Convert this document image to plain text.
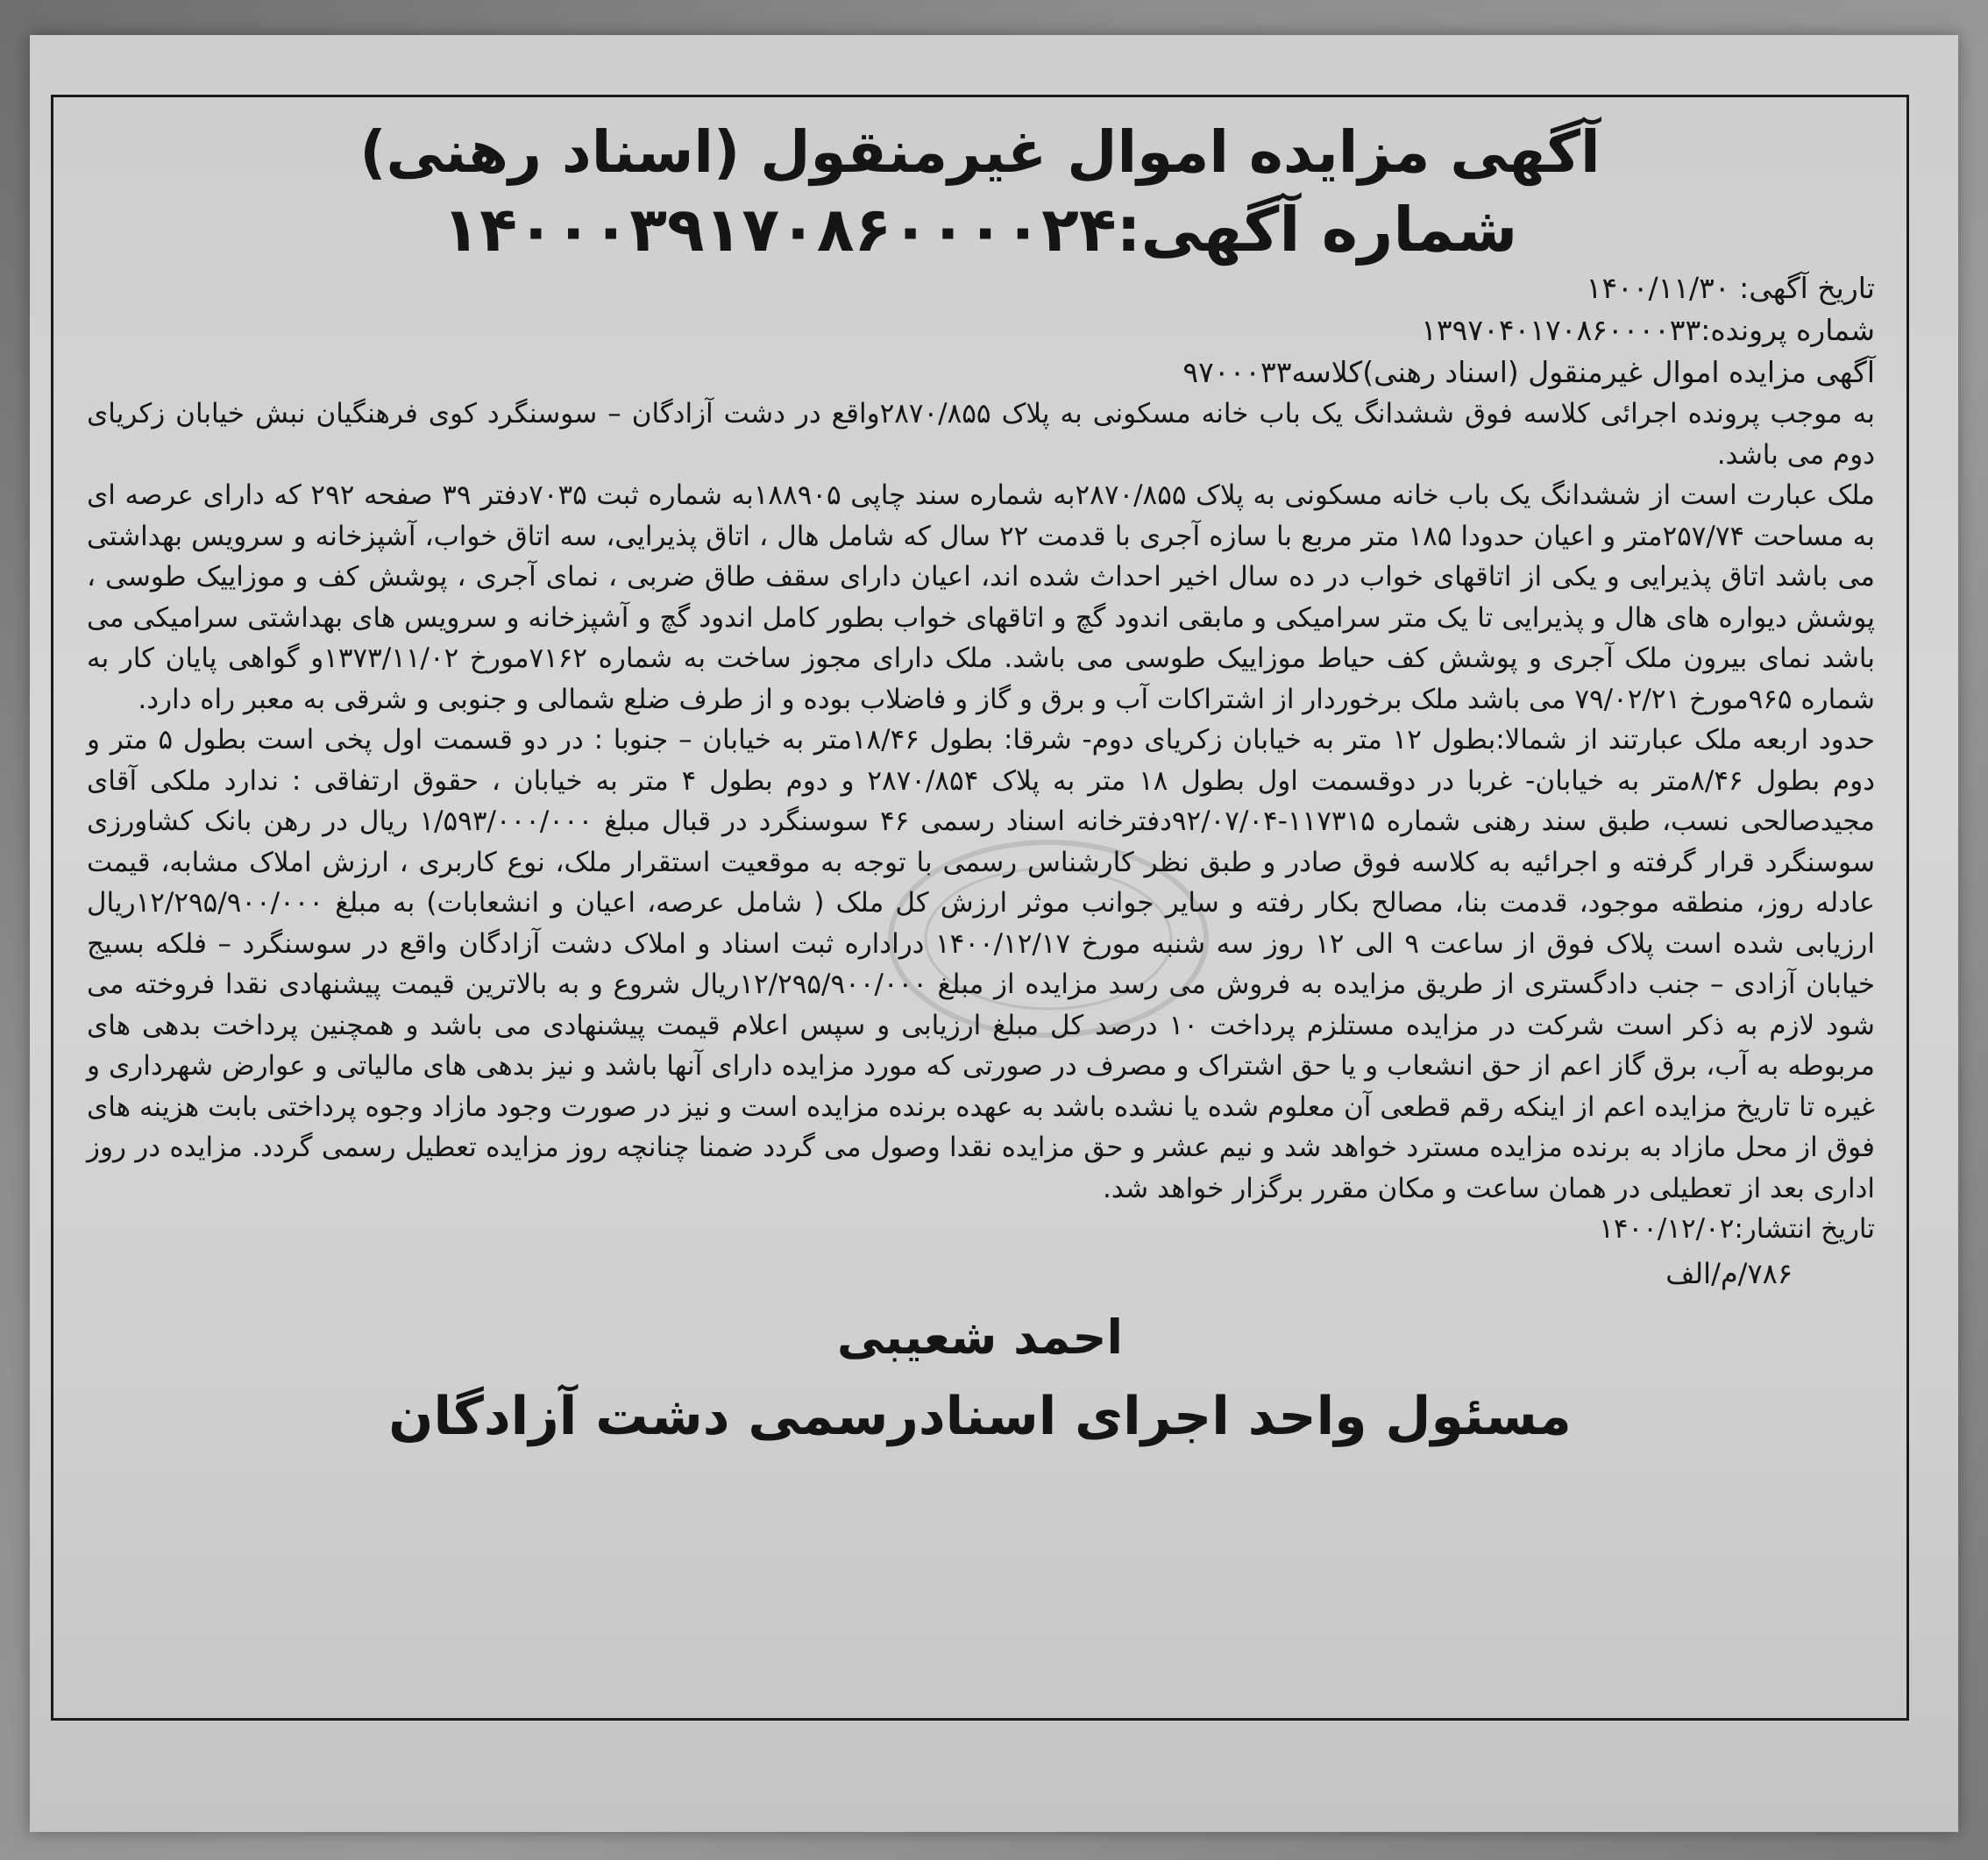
آگهی مزایده اموال غیرمنقول (اسناد رهنی)
شماره آگهی:۱۴۰۰۰۳۹۱۷۰۸۶۰۰۰۰۲۴
تاریخ آگهی: ۱۴۰۰/۱۱/۳۰
شماره پرونده:۱۳۹۷۰۴۰۱۷۰۸۶۰۰۰۰۳۳
آگهی مزایده اموال غیرمنقول (اسناد رهنی)کلاسه۹۷۰۰۰۳۳

به موجب پرونده اجرائی کلاسه فوق ششدانگ یک باب خانه مسکونی به پلاک ۲۸۷۰/۸۵۵واقع در دشت آزادگان – سوسنگرد کوی فرهنگیان نبش خیابان زکریای دوم می باشد.

ملک عبارت است از ششدانگ یک باب خانه مسکونی به پلاک ۲۸۷۰/۸۵۵به شماره سند چاپی ۱۸۸۹۰۵به شماره ثبت ۷۰۳۵دفتر ۳۹ صفحه ۲۹۲ که دارای عرصه ای به مساحت ۲۵۷/۷۴متر و اعیان حدودا ۱۸۵ متر مربع با سازه آجری با قدمت ۲۲ سال که شامل هال ، اتاق پذیرایی، سه اتاق خواب، آشپزخانه و سرویس بهداشتی می باشد اتاق پذیرایی و یکی از اتاقهای خواب در ده سال اخیر احداث شده اند، اعیان دارای سقف طاق ضربی ، نمای آجری ، پوشش کف و موزاییک طوسی ، پوشش دیواره های هال و پذیرایی تا یک متر سرامیکی و مابقی اندود گچ و اتاقهای خواب بطور کامل اندود گچ و آشپزخانه و سرویس های بهداشتی سرامیکی می باشد نمای بیرون ملک آجری و پوشش کف حیاط موزاییک طوسی می باشد. ملک دارای مجوز ساخت به شماره ۷۱۶۲مورخ ۱۳۷۳/۱۱/۰۲و گواهی پایان کار به شماره ۹۶۵مورخ ۷۹/۰۲/۲۱ می باشد ملک برخوردار از اشتراکات آب و برق و گاز و فاضلاب بوده و از طرف ضلع شمالی و جنوبی و شرقی به معبر راه دارد.

حدود اربعه ملک عبارتند از شمالا:بطول ۱۲ متر به خیابان زکریای دوم- شرقا: بطول ۱۸/۴۶متر به خیابان – جنوبا : در دو قسمت اول پخی است بطول ۵ متر و دوم بطول ۸/۴۶متر به خیابان- غربا در دوقسمت اول بطول ۱۸ متر به پلاک ۲۸۷۰/۸۵۴ و دوم بطول ۴ متر به خیابان ، حقوق ارتفاقی : ندارد ملکی آقای مجیدصالحی نسب، طبق سند رهنی شماره ۱۱۷۳۱۵-۹۲/۰۷/۰۴دفترخانه اسناد رسمی ۴۶ سوسنگرد در قبال مبلغ ۱/۵۹۳/۰۰۰/۰۰۰ ریال در رهن بانک کشاورزی سوسنگرد قرار گرفته و اجرائیه به کلاسه فوق صادر و طبق نظر کارشناس رسمی با توجه به موقعیت استقرار ملک، نوع کاربری ، ارزش املاک مشابه، قیمت عادله روز، منطقه موجود، قدمت بنا، مصالح بکار رفته و سایر جوانب موثر ارزش کل ملک ( شامل عرصه، اعیان و انشعابات) به مبلغ ۱۲/۲۹۵/۹۰۰/۰۰۰ریال ارزیابی شده است پلاک فوق از ساعت ۹ الی ۱۲ روز سه شنبه مورخ ۱۴۰۰/۱۲/۱۷ دراداره ثبت اسناد و املاک دشت آزادگان واقع در سوسنگرد – فلکه بسیج خیابان آزادی – جنب دادگستری از طریق مزایده به فروش می رسد مزایده از مبلغ ۱۲/۲۹۵/۹۰۰/۰۰۰ریال شروع و به بالاترین قیمت پیشنهادی نقدا فروخته می شود لازم به ذکر است شرکت در مزایده مستلزم پرداخت ۱۰ درصد کل مبلغ ارزیابی و سپس اعلام قیمت پیشنهادی می باشد و همچنین پرداخت بدهی های مربوطه به آب، برق گاز اعم از حق انشعاب و یا حق اشتراک و مصرف در صورتی که مورد مزایده دارای آنها باشد و نیز بدهی های مالیاتی و عوارض شهرداری و غیره تا تاریخ مزایده اعم از اینکه رقم قطعی آن معلوم شده یا نشده باشد به عهده برنده مزایده است و نیز در صورت وجود مازاد وجوه پرداختی بابت هزینه های فوق از محل مازاد به برنده مزایده مسترد خواهد شد و نیم عشر و حق مزایده نقدا وصول می گردد ضمنا چنانچه روز مزایده تعطیل رسمی گردد. مزایده در روز اداری بعد از تعطیلی در همان ساعت و مکان مقرر برگزار خواهد شد.

تاریخ انتشار:۱۴۰۰/۱۲/۰۲

۷۸۶/م/الف
احمد شعیبی
مسئول واحد اجرای اسنادرسمی دشت آزادگان
